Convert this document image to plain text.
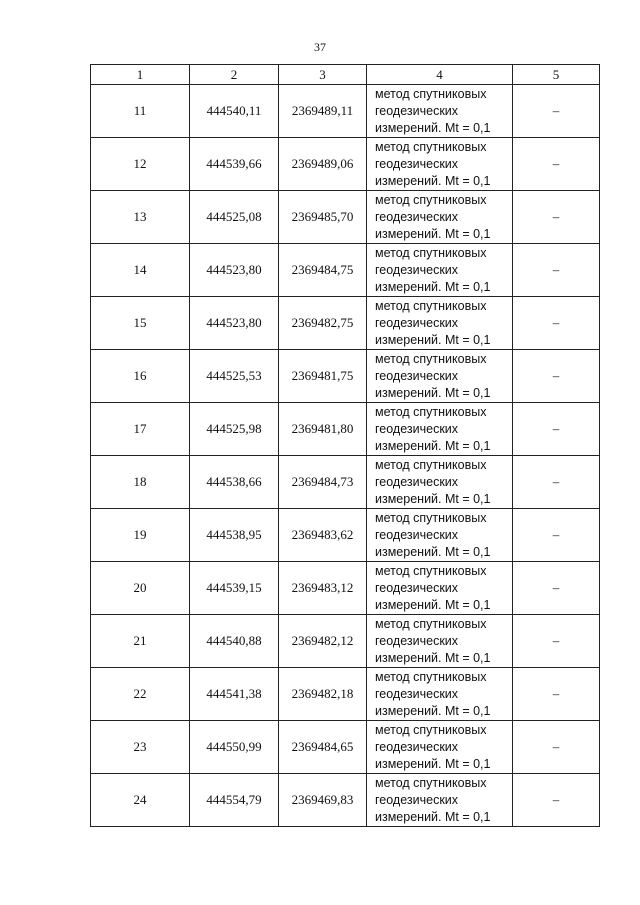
37
1	2	3	4	5
11	444540,11	2369489,11	метод спутниковых
геодезических
измерений. Mt = 0,1	–
12	444539,66	2369489,06	метод спутниковых
геодезических
измерений. Mt = 0,1	–
13	444525,08	2369485,70	метод спутниковых
геодезических
измерений. Mt = 0,1	–
14	444523,80	2369484,75	метод спутниковых
геодезических
измерений. Mt = 0,1	–
15	444523,80	2369482,75	метод спутниковых
геодезических
измерений. Mt = 0,1	–
16	444525,53	2369481,75	метод спутниковых
геодезических
измерений. Mt = 0,1	–
17	444525,98	2369481,80	метод спутниковых
геодезических
измерений. Mt = 0,1	–
18	444538,66	2369484,73	метод спутниковых
геодезических
измерений. Mt = 0,1	–
19	444538,95	2369483,62	метод спутниковых
геодезических
измерений. Mt = 0,1	–
20	444539,15	2369483,12	метод спутниковых
геодезических
измерений. Mt = 0,1	–
21	444540,88	2369482,12	метод спутниковых
геодезических
измерений. Mt = 0,1	–
22	444541,38	2369482,18	метод спутниковых
геодезических
измерений. Mt = 0,1	–
23	444550,99	2369484,65	метод спутниковых
геодезических
измерений. Mt = 0,1	–
24	444554,79	2369469,83	метод спутниковых
геодезических
измерений. Mt = 0,1	–
